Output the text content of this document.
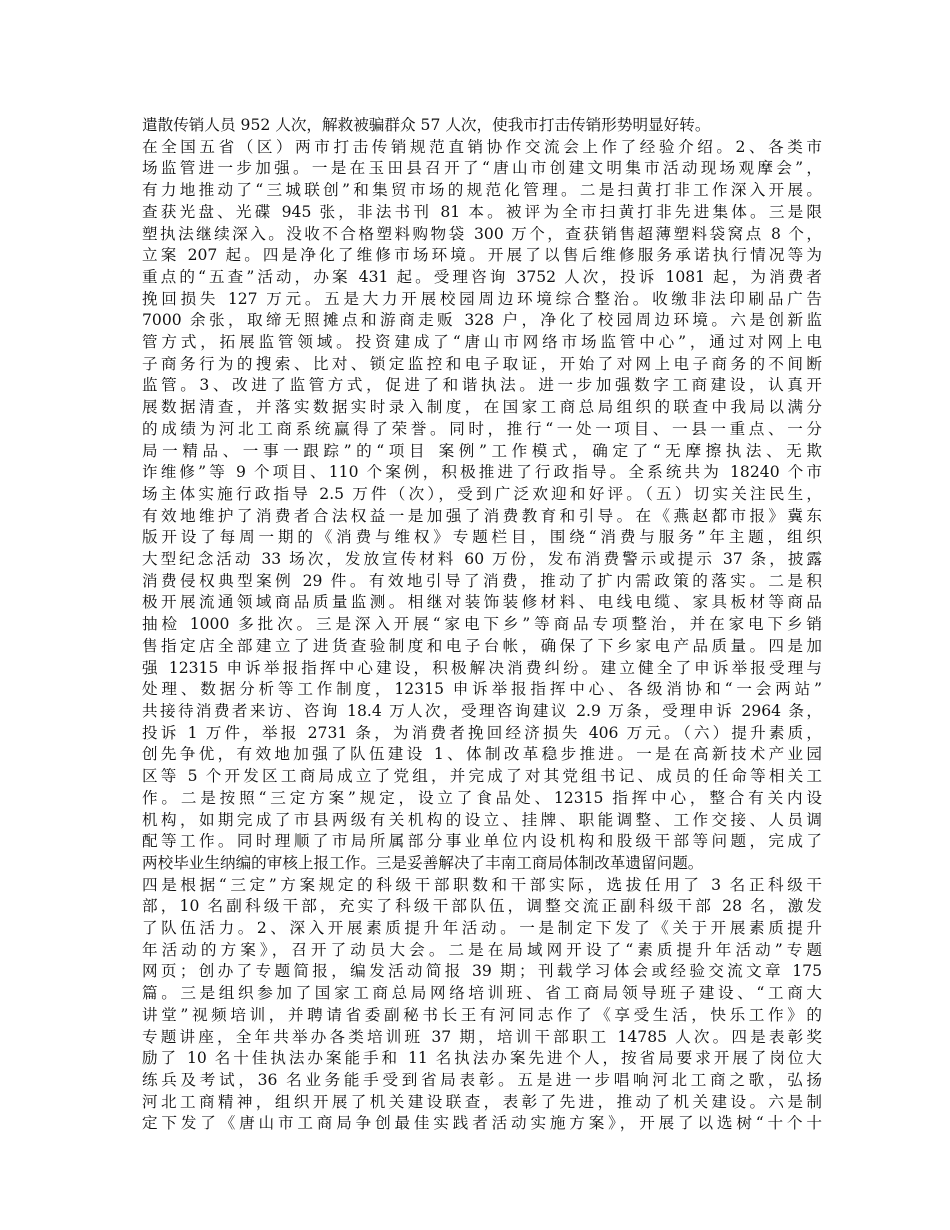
遣散传销人员 952 人次，解救被骗群众 57 人次，使我市打击传销形势明显好转。
在全国五省（区）两市打击传销规范直销协作交流会上作了经验介绍。2、各类市
场监管进一步加强。一是在玉田县召开了“唐山市创建文明集市活动现场观摩会”，
有力地推动了“三城联创”和集贸市场的规范化管理。二是扫黄打非工作深入开展。
查获光盘、光碟 945 张，非法书刊 81 本。被评为全市扫黄打非先进集体。三是限
塑执法继续深入。没收不合格塑料购物袋 300 万个，查获销售超薄塑料袋窝点 8 个，
立案 207 起。四是净化了维修市场环境。开展了以售后维修服务承诺执行情况等为
重点的“五查”活动，办案 431 起。受理咨询 3752 人次，投诉 1081 起，为消费者
挽回损失 127 万元。五是大力开展校园周边环境综合整治。收缴非法印刷品广告
7000 余张，取缔无照摊点和游商走贩 328 户，净化了校园周边环境。六是创新监
管方式，拓展监管领域。投资建成了“唐山市网络市场监管中心”，通过对网上电
子商务行为的搜索、比对、锁定监控和电子取证，开始了对网上电子商务的不间断
监管。3、改进了监管方式，促进了和谐执法。进一步加强数字工商建设，认真开
展数据清查，并落实数据实时录入制度，在国家工商总局组织的联查中我局以满分
的成绩为河北工商系统赢得了荣誉。同时，推行“一处一项目、一县一重点、一分
局一精品、一事一跟踪”的“项目 案例”工作模式，确定了“无摩擦执法、无欺
诈维修”等 9 个项目、110 个案例，积极推进了行政指导。全系统共为 18240 个市
场主体实施行政指导 2.5 万件（次），受到广泛欢迎和好评。（五）切实关注民生，
有效地维护了消费者合法权益一是加强了消费教育和引导。在《燕赵都市报》冀东
版开设了每周一期的《消费与维权》专题栏目，围绕“消费与服务”年主题，组织
大型纪念活动 33 场次，发放宣传材料 60 万份，发布消费警示或提示 37 条，披露
消费侵权典型案例 29 件。有效地引导了消费，推动了扩内需政策的落实。二是积
极开展流通领域商品质量监测。相继对装饰装修材料、电线电缆、家具板材等商品
抽检 1000 多批次。三是深入开展“家电下乡”等商品专项整治，并在家电下乡销
售指定店全部建立了进货查验制度和电子台帐，确保了下乡家电产品质量。四是加
强 12315 申诉举报指挥中心建设，积极解决消费纠纷。建立健全了申诉举报受理与
处理、数据分析等工作制度，12315 申诉举报指挥中心、各级消协和“一会两站”
共接待消费者来访、咨询 18.4 万人次，受理咨询建议 2.9 万条，受理申诉 2964 条，
投诉 1 万件，举报 2731 条，为消费者挽回经济损失 406 万元。（六）提升素质，
创先争优，有效地加强了队伍建设 1、体制改革稳步推进。一是在高新技术产业园
区等 5 个开发区工商局成立了党组，并完成了对其党组书记、成员的任命等相关工
作。二是按照“三定方案”规定，设立了食品处、12315 指挥中心，整合有关内设
机构，如期完成了市县两级有关机构的设立、挂牌、职能调整、工作交接、人员调
配等工作。同时理顺了市局所属部分事业单位内设机构和股级干部等问题，完成了
两校毕业生纳编的审核上报工作。三是妥善解决了丰南工商局体制改革遗留问题。
四是根据“三定”方案规定的科级干部职数和干部实际，选拔任用了 3 名正科级干
部，10 名副科级干部，充实了科级干部队伍，调整交流正副科级干部 28 名，激发
了队伍活力。2、深入开展素质提升年活动。一是制定下发了《关于开展素质提升
年活动的方案》，召开了动员大会。二是在局域网开设了“素质提升年活动”专题
网页；创办了专题简报，编发活动简报 39 期；刊载学习体会或经验交流文章 175
篇。三是组织参加了国家工商总局网络培训班、省工商局领导班子建设、“工商大
讲堂”视频培训，并聘请省委副秘书长王有河同志作了《享受生活，快乐工作》的
专题讲座，全年共举办各类培训班 37 期，培训干部职工 14785 人次。四是表彰奖
励了 10 名十佳执法办案能手和 11 名执法办案先进个人，按省局要求开展了岗位大
练兵及考试，36 名业务能手受到省局表彰。五是进一步唱响河北工商之歌，弘扬
河北工商精神，组织开展了机关建设联查，表彰了先进，推动了机关建设。六是制
定下发了《唐山市工商局争创最佳实践者活动实施方案》，开展了以选树“十个十
